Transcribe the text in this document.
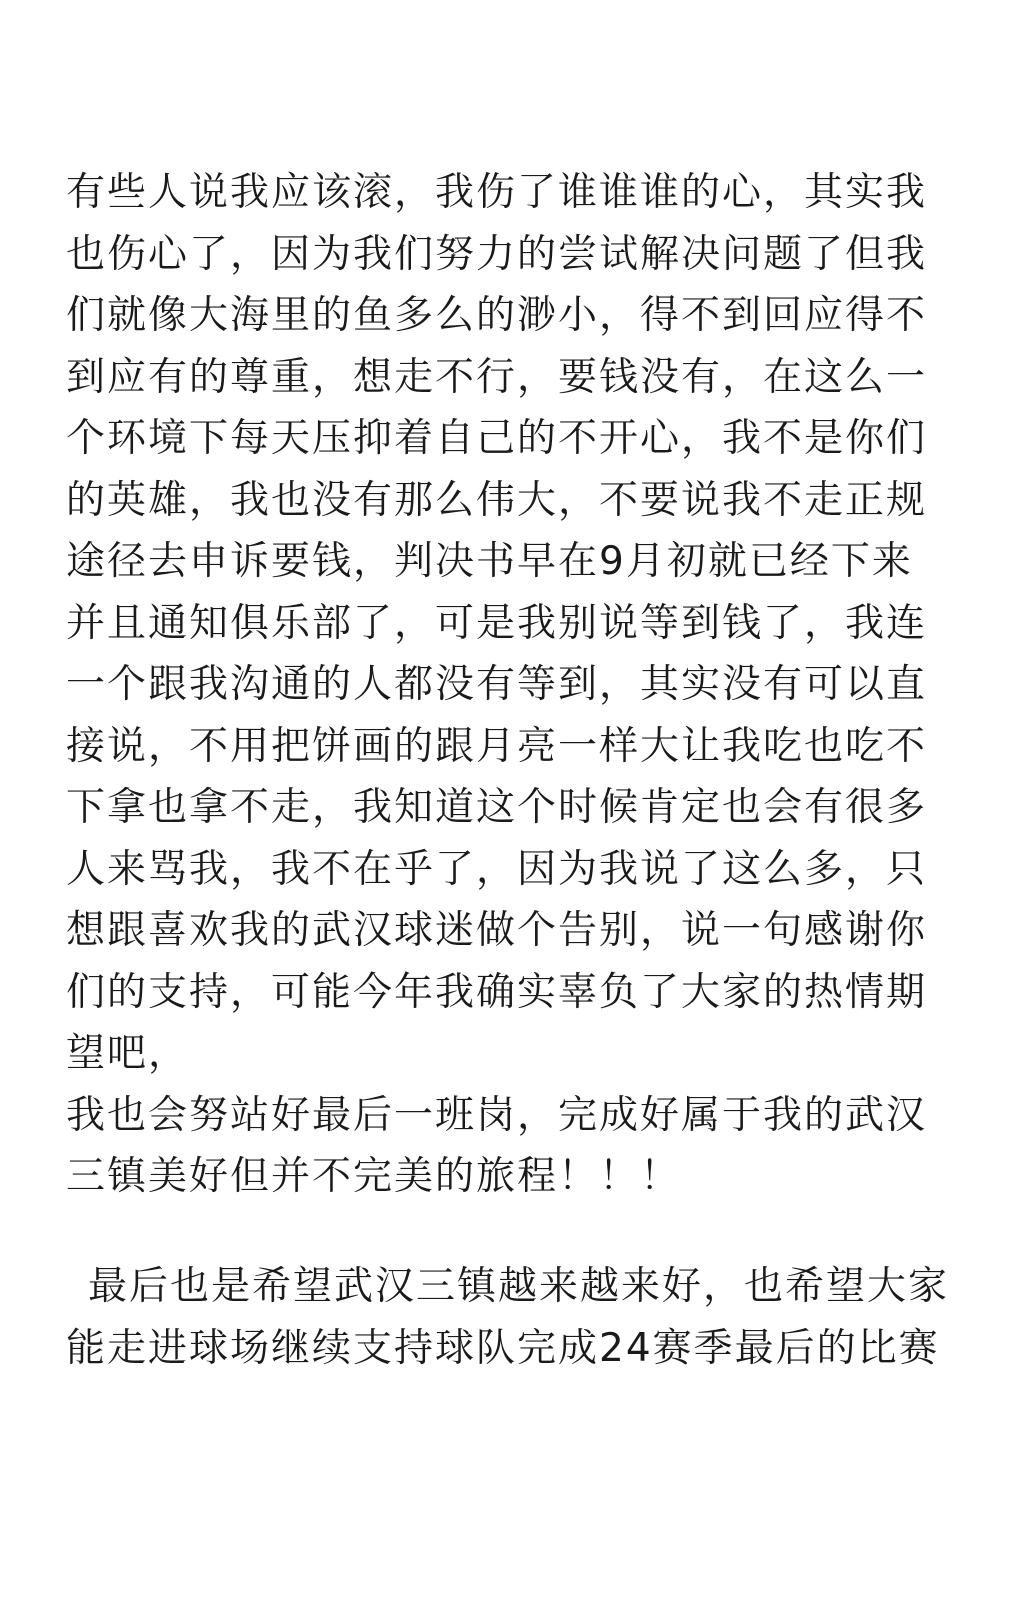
有些人说我应该滚，我伤了谁谁谁的心，其实我
也伤心了，因为我们努力的尝试解决问题了但我
们就像大海里的鱼多么的渺小，得不到回应得不
到应有的尊重，想走不行，要钱没有，在这么一
个环境下每天压抑着自己的不开心，我不是你们
的英雄，我也没有那么伟大，不要说我不走正规
途径去申诉要钱，判决书早在9月初就已经下来
并且通知俱乐部了，可是我别说等到钱了，我连
一个跟我沟通的人都没有等到，其实没有可以直
接说，不用把饼画的跟月亮一样大让我吃也吃不
下拿也拿不走，我知道这个时候肯定也会有很多
人来骂我，我不在乎了，因为我说了这么多，只
想跟喜欢我的武汉球迷做个告别，说一句感谢你
们的支持，可能今年我确实辜负了大家的热情期
望吧，
我也会努站好最后一班岗，完成好属于我的武汉
三镇美好但并不完美的旅程！！！
最后也是希望武汉三镇越来越来好，也希望大家
能走进球场继续支持球队完成24赛季最后的比赛
